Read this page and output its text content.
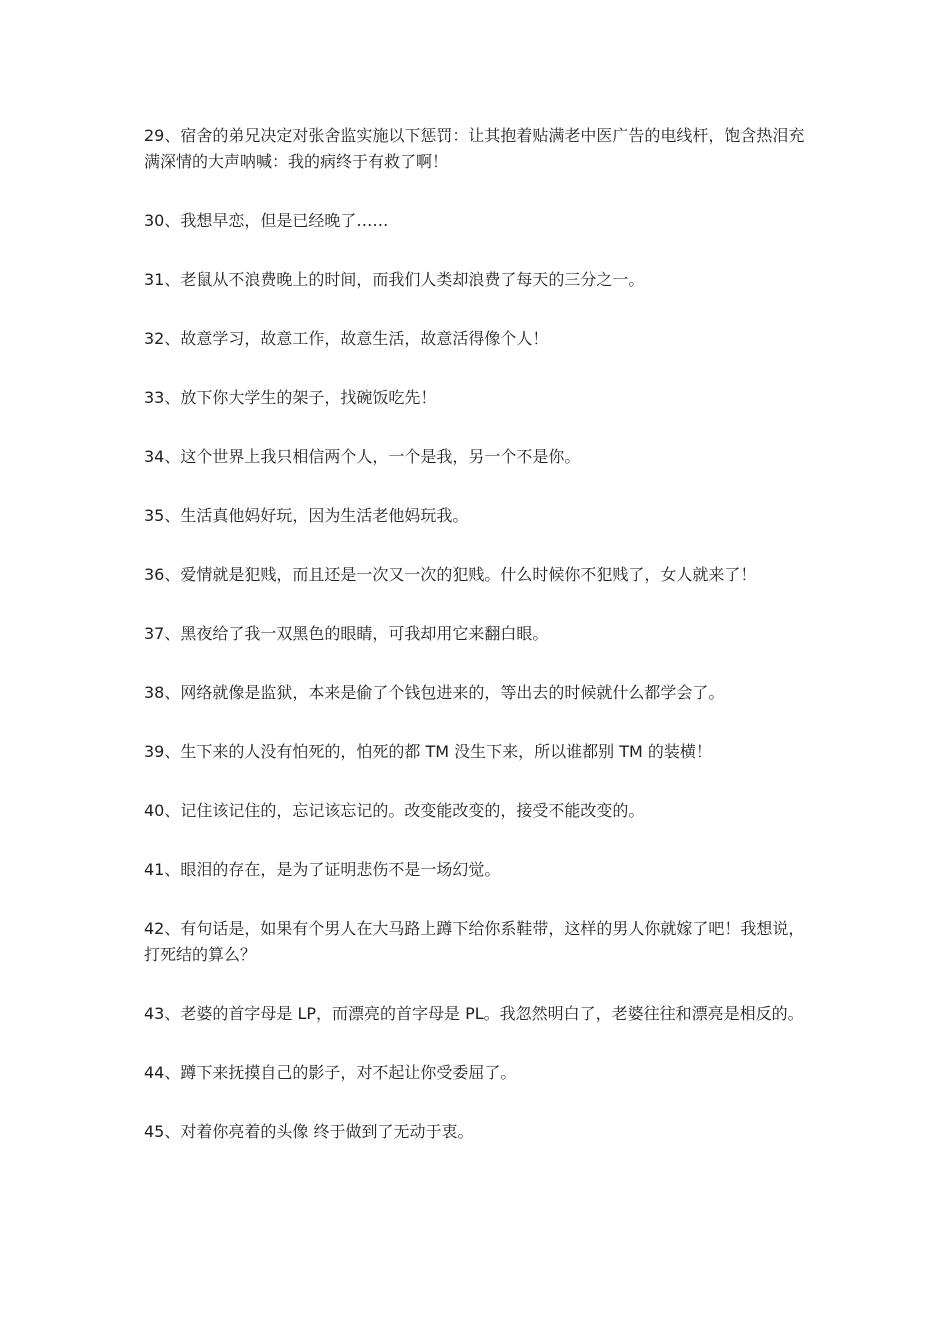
29、宿舍的弟兄决定对张舍监实施以下惩罚：让其抱着贴满老中医广告的电线杆，饱含热泪充满深情的大声呐喊：我的病终于有救了啊！

30、我想早恋，但是已经晚了……

31、老鼠从不浪费晚上的时间，而我们人类却浪费了每天的三分之一。

32、故意学习，故意工作，故意生活，故意活得像个人！

33、放下你大学生的架子，找碗饭吃先！

34、这个世界上我只相信两个人，一个是我，另一个不是你。

35、生活真他妈好玩，因为生活老他妈玩我。

36、爱情就是犯贱，而且还是一次又一次的犯贱。什么时候你不犯贱了，女人就来了！

37、黑夜给了我一双黑色的眼睛，可我却用它来翻白眼。

38、网络就像是监狱，本来是偷了个钱包进来的，等出去的时候就什么都学会了。

39、生下来的人没有怕死的，怕死的都 TM 没生下来，所以谁都别 TM 的装横！

40、记住该记住的，忘记该忘记的。改变能改变的，接受不能改变的。

41、眼泪的存在，是为了证明悲伤不是一场幻觉。

42、有句话是，如果有个男人在大马路上蹲下给你系鞋带，这样的男人你就嫁了吧！我想说，打死结的算么？

43、老婆的首字母是 LP，而漂亮的首字母是 PL。我忽然明白了，老婆往往和漂亮是相反的。

44、蹲下来抚摸自己的影子，对不起让你受委屈了。

45、对着你亮着的头像 终于做到了无动于衷。
